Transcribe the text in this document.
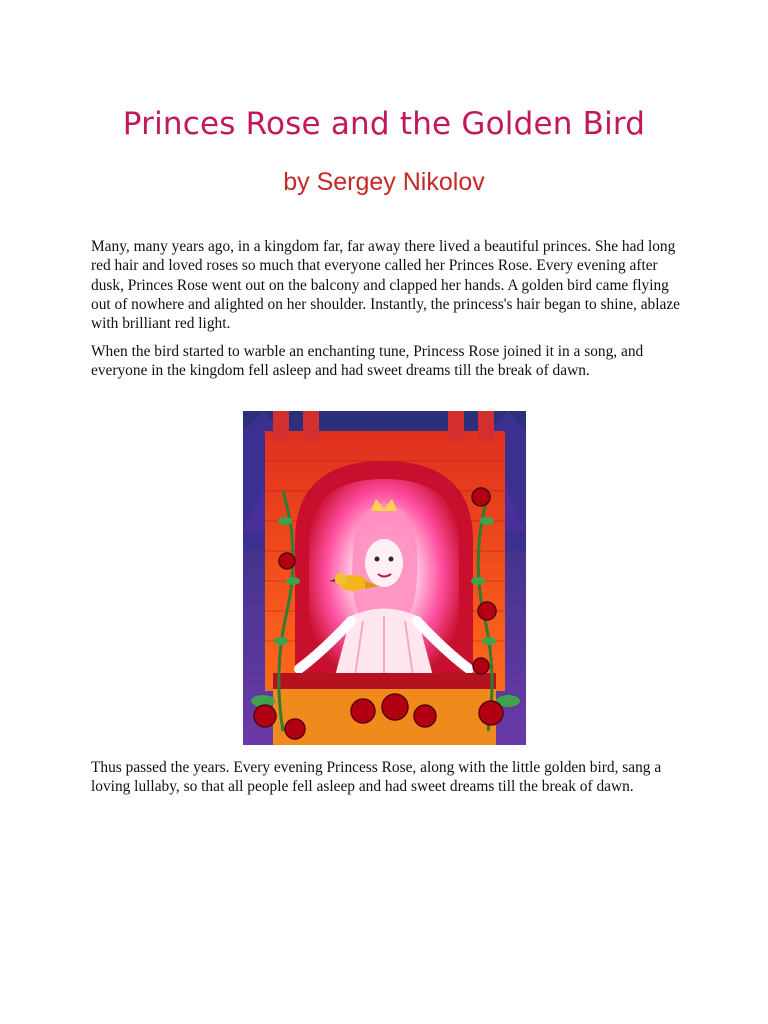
Princes Rose and the Golden Bird
by Sergey Nikolov

Many, many years ago, in a kingdom far, far away there lived a beautiful princes. She had long red hair and loved roses so much that everyone called her Princes Rose. Every evening after dusk, Princes Rose went out on the balcony and clapped her hands. A golden bird came flying out of nowhere and alighted on her shoulder. Instantly, the princess's hair began to shine, ablaze with brilliant red light.

When the bird started to warble an enchanting tune, Princess Rose joined it in a song, and everyone in the kingdom fell asleep and had sweet dreams till the break of dawn.

Thus passed the years. Every evening Princess Rose, along with the little golden bird, sang a loving lullaby, so that all people fell asleep and had sweet dreams till the break of dawn.
